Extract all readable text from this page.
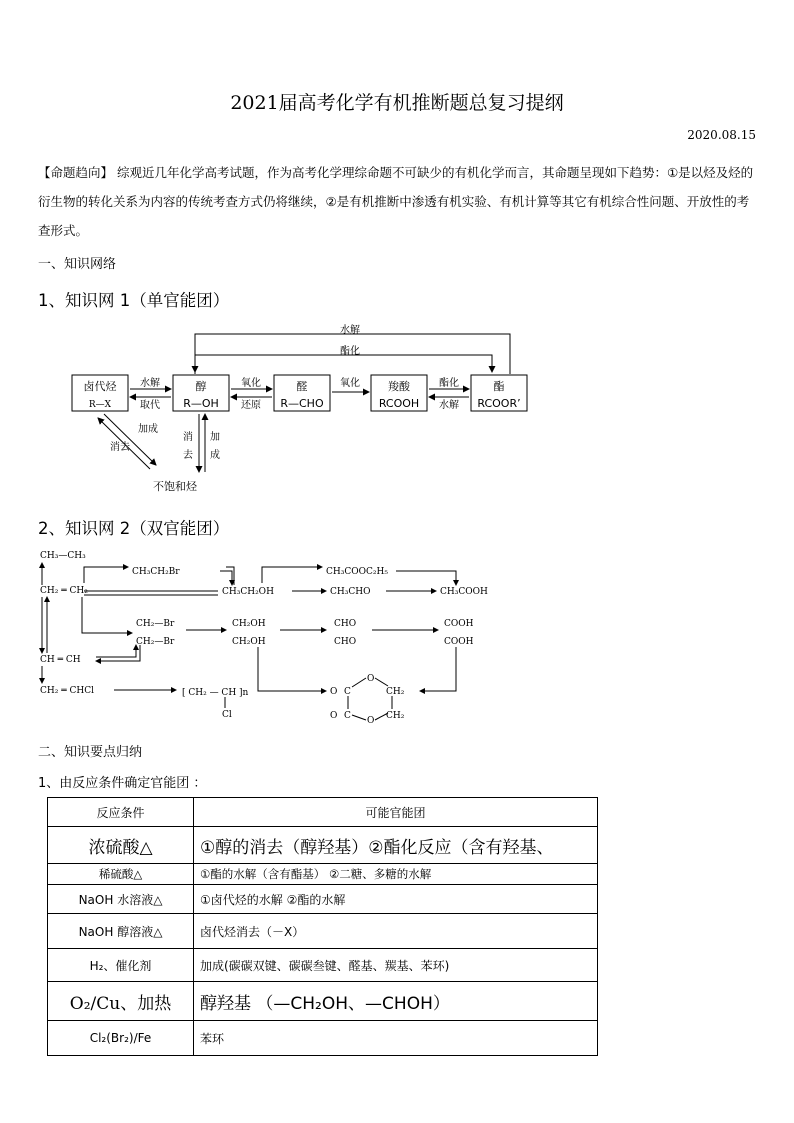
2021届高考化学有机推断题总复习提纲
2020.08.15
【命题趋向】 综观近几年化学高考试题，作为高考化学理综命题不可缺少的有机化学而言，其命题呈现如下趋势：①是以烃及烃的衍生物的转化关系为内容的传统考查方式仍将继续，②是有机推断中渗透有机实验、有机计算等其它有机综合性问题、开放性的考查形式。
一、知识网络
1、知识网 1（单官能团）
水解
酯化
卤代烃
R—X
醇
R—OH
醛
R—CHO
羧酸
RCOOH
酯
RCOOR’
水解
取代
氧化
还原
氧化	酯化
水解
加成
消去
消
去
加
成
不饱和烃
2、知识网 2（双官能团）
CH₃—CH₃
CH₂ ═ CH₂
CH₃CH₂Br
CH₃CH₂OH
CH₃COOC₂H₅
CH₃CHO	CH₃COOH
CH₂—Br
CH₂—Br
CH₂OH
CH₂OH
CHO
CHO
COOH
COOH
CH ═ CH
CH₂ ═ CHCl	[ CH₂ — CH ]n
Cl
O C
O
CH₂
O C O CH₂
二、知识要点归纳
1、由反应条件确定官能团 ：
反应条件	可能官能团
浓硫酸△	①醇的消去（醇羟基）②酯化反应（含有羟基、
稀硫酸△	①酯的水解（含有酯基） ②二糖、多糖的水解
NaOH 水溶液△	①卤代烃的水解 ②酯的水解
NaOH 醇溶液△	卤代烃消去（－X）
H₂、催化剂	加成(碳碳双键、碳碳叁键、醛基、羰基、苯环)
O₂/Cu、加热	醇羟基 （—CH₂OH、—CHOH）
Cl₂(Br₂)/Fe	苯环
